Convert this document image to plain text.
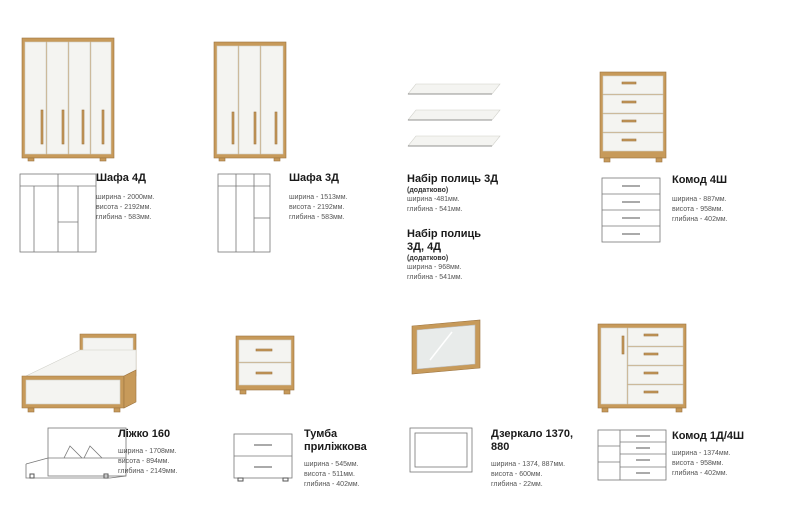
Шафа 4Д
ширина - 2000мм.
висота - 2192мм.
глибина - 583мм.
Шафа 3Д
ширина - 1513мм.
висота - 2192мм.
глибина - 583мм.
Набір полиць 3Д
(додатково)
ширина -481мм.
глибина - 541мм.
Набір полиць
3Д, 4Д
(додатково)
ширина - 968мм.
глибина - 541мм.
Комод 4Ш
ширина - 887мм.
висота - 958мм.
глибина - 402мм.
Ліжко 160
ширина - 1708мм.
висота - 894мм.
глибина - 2149мм.
Тумба
приліжкова
ширина - 545мм.
висота - 511мм.
глибина - 402мм.
Дзеркало 1370,
880
ширина - 1374, 887мм.
висота - 600мм.
глибина - 22мм.
Комод 1Д/4Ш
ширина - 1374мм.
висота - 958мм.
глибина - 402мм.
